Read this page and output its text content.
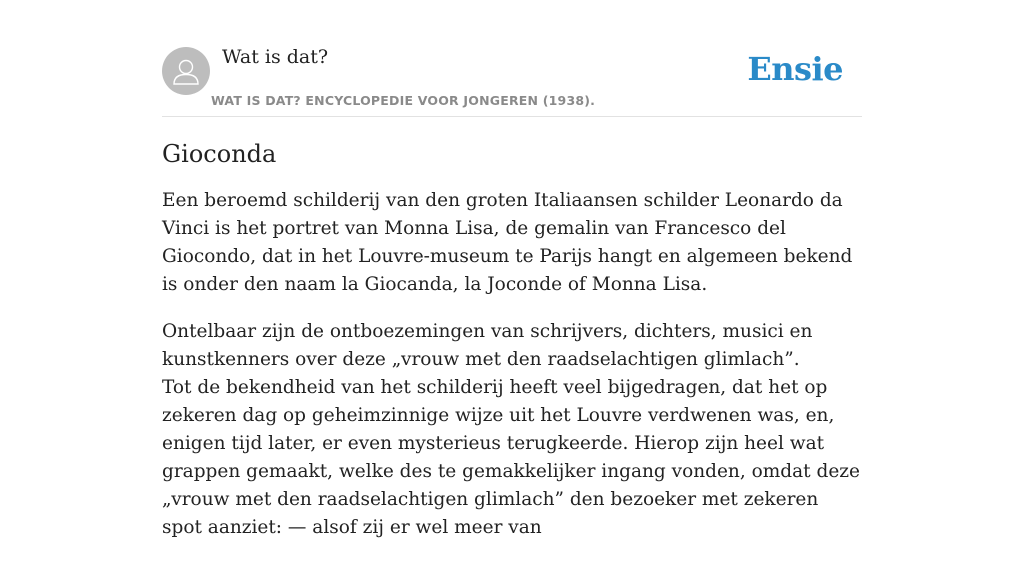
Wat is dat?
WAT IS DAT? ENCYCLOPEDIE VOOR JONGEREN (1938).
Ensie
Gioconda

Een beroemd schilderij van den groten Italiaansen schilder Leonardo da Vinci is het portret van Monna Lisa, de gemalin van Francesco del Giocondo, dat in het Louvre-museum te Parijs hangt en algemeen bekend is onder den naam la Giocanda, la Joconde of Monna Lisa.

Ontelbaar zijn de ontboezemingen van schrijvers, dichters, musici en kunstkenners over deze „vrouw met den raadselachtigen glimlach”.
Tot de bekendheid van het schilderij heeft veel bijgedragen, dat het op zekeren dag op geheimzinnige wijze uit het Louvre verdwenen was, en, enigen tijd later, er even mysterieus terugkeerde. Hierop zijn heel wat grappen gemaakt, welke des te gemakkelijker ingang vonden, omdat deze „vrouw met den raadselachtigen glimlach” den bezoeker met zekeren spot aanziet: — alsof zij er wel meer van
